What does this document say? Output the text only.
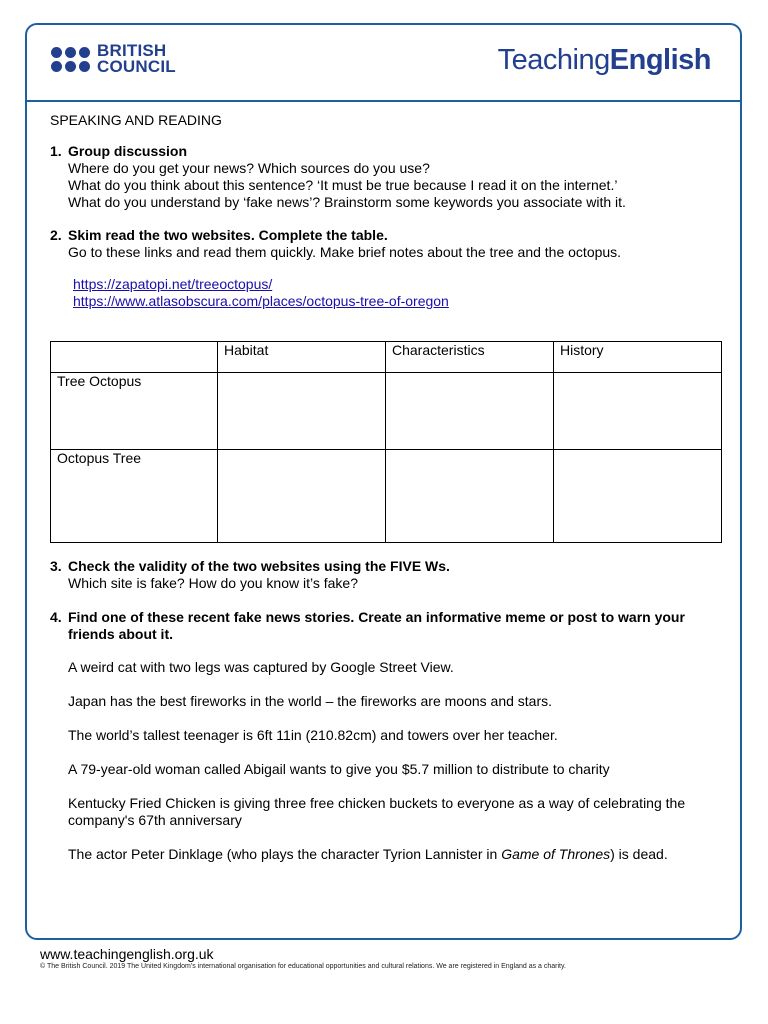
BRITISH
COUNCIL	TeachingEnglish
SPEAKING AND READING
1. Group discussion

Where do you get your news? Which sources do you use?

What do you think about this sentence? ‘It must be true because I read it on the internet.’

What do you understand by ‘fake news’? Brainstorm some keywords you associate with it.

2. Skim read the two websites. Complete the table.

Go to these links and read them quickly. Make brief notes about the tree and the octopus.

https://zapatopi.net/treeoctopus/
https://www.atlasobscura.com/places/octopus-tree-of-oregon
	Habitat	Characteristics	History
Tree Octopus			
Octopus Tree			
3. Check the validity of the two websites using the FIVE Ws.

Which site is fake? How do you know it’s fake?

4. Find one of these recent fake news stories. Create an informative meme or post to warn your

friends about it.

A weird cat with two legs was captured by Google Street View.

Japan has the best fireworks in the world – the fireworks are moons and stars.

The world’s tallest teenager is 6ft 11in (210.82cm) and towers over her teacher.

A 79-year-old woman called Abigail wants to give you $5.7 million to distribute to charity

Kentucky Fried Chicken is giving three free chicken buckets to everyone as a way of celebrating the
company's 67th anniversary

The actor Peter Dinklage (who plays the character Tyrion Lannister in Game of Thrones) is dead.

www.teachingenglish.org.uk
© The British Council. 2019 The United Kingdom’s international organisation for educational opportunities and cultural relations. We are registered in England as a charity.
